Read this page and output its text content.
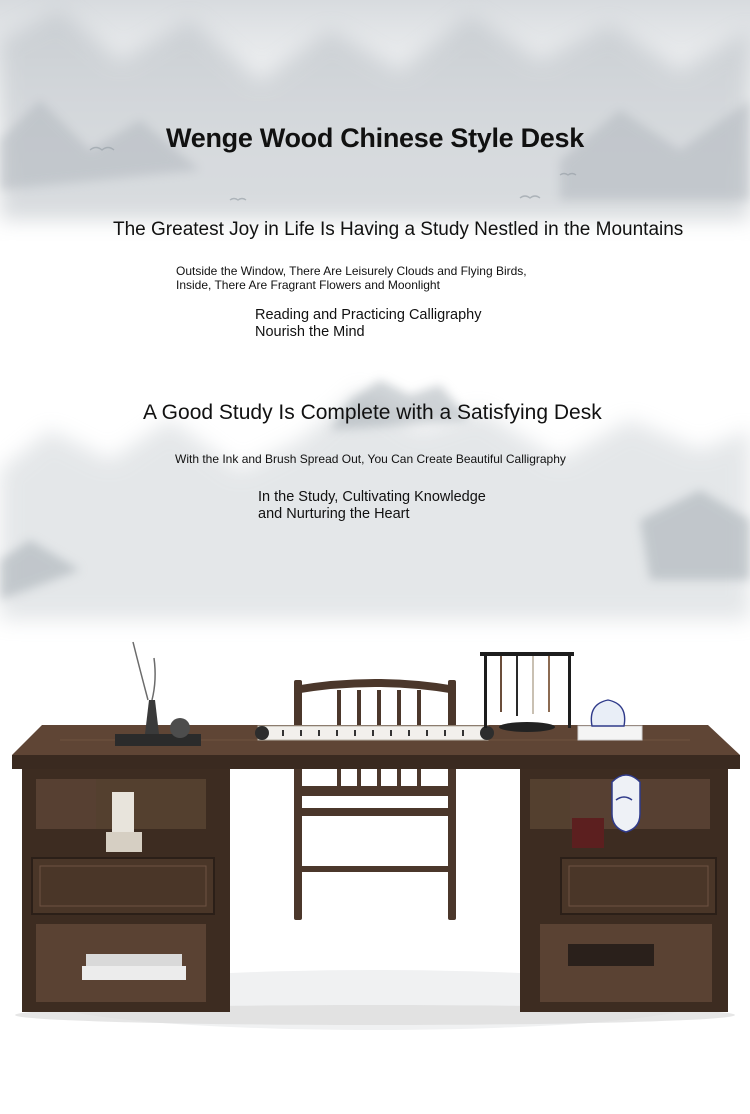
Wenge Wood Chinese Style Desk
The Greatest Joy in Life Is Having a Study Nestled in the Mountains

Outside the Window, There Are Leisurely Clouds and Flying Birds,
Inside, There Are Fragrant Flowers and Moonlight

Reading and Practicing Calligraphy
Nourish the Mind

A Good Study Is Complete with a Satisfying Desk

With the Ink and Brush Spread Out, You Can Create Beautiful Calligraphy

In the Study, Cultivating Knowledge
and Nurturing the Heart
